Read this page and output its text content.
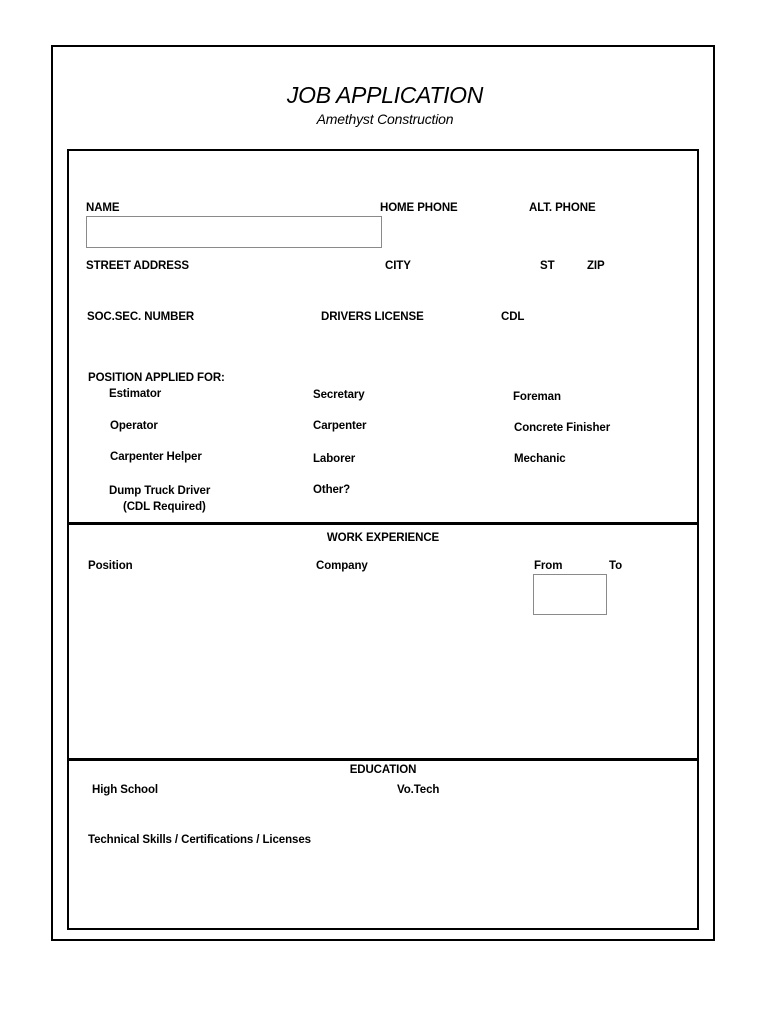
JOB APPLICATION
Amethyst Construction
NAME	HOME PHONE	ALT. PHONE
STREET ADDRESS	CITY	ST	ZIP
SOC.SEC. NUMBER	DRIVERS LICENSE	CDL
POSITION APPLIED FOR:
Estimator
Operator
Carpenter Helper
Dump Truck Driver
(CDL Required)
Secretary
Carpenter
Laborer
Other?
Foreman
Concrete Finisher
Mechanic
WORK EXPERIENCE
Position	Company	From	To
EDUCATION
High School	Vo.Tech
Technical Skills / Certifications / Licenses
